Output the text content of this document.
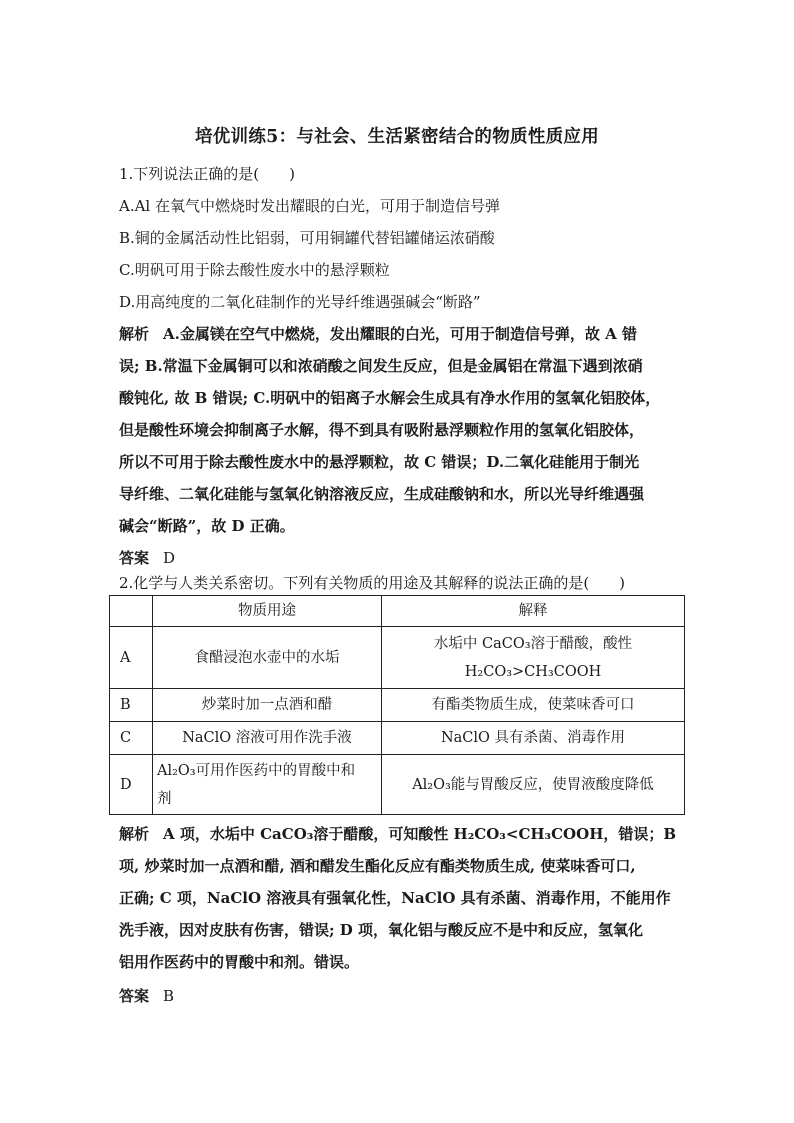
培优训练5：与社会、生活紧密结合的物质性质应用
1.下列说法正确的是(　　)
A.Al 在氧气中燃烧时发出耀眼的白光，可用于制造信号弹
B.铜的金属活动性比铝弱，可用铜罐代替铝罐储运浓硝酸
C.明矾可用于除去酸性废水中的悬浮颗粒
D.用高纯度的二氧化硅制作的光导纤维遇强碱会“断路”
解析 A.金属镁在空气中燃烧，发出耀眼的白光，可用于制造信号弹，故 A 错
误; B.常温下金属铜可以和浓硝酸之间发生反应，但是金属铝在常温下遇到浓硝
酸钝化, 故 B 错误; C.明矾中的铝离子水解会生成具有净水作用的氢氧化铝胶体，
但是酸性环境会抑制离子水解，得不到具有吸附悬浮颗粒作用的氢氧化铝胶体，
所以不可用于除去酸性废水中的悬浮颗粒，故 C 错误；D.二氧化硅能用于制光
导纤维、二氧化硅能与氢氧化钠溶液反应，生成硅酸钠和水，所以光导纤维遇强
碱会“断路”，故 D 正确。
答案 D
2.化学与人类关系密切。下列有关物质的用途及其解释的说法正确的是(　　)
	物质用途	解释
A	食醋浸泡水壶中的水垢	水垢中 CaCO₃溶于醋酸，酸性
H₂CO₃>CH₃COOH

B	炒菜时加一点酒和醋	有酯类物质生成，使菜味香可口
C	NaClO 溶液可用作洗手液	NaClO 具有杀菌、消毒作用
D	Al₂O₃可用作医药中的胃酸中和
剂	Al₂O₃能与胃酸反应，使胃液酸度降低
解析 A 项，水垢中 CaCO₃溶于醋酸，可知酸性 H₂CO₃<CH₃COOH，错误；B
项, 炒菜时加一点酒和醋, 酒和醋发生酯化反应有酯类物质生成, 使菜味香可口,
正确; C 项，NaClO 溶液具有强氧化性，NaClO 具有杀菌、消毒作用，不能用作
洗手液，因对皮肤有伤害，错误; D 项，氧化铝与酸反应不是中和反应，氢氧化
铝用作医药中的胃酸中和剂。错误。
答案 B
